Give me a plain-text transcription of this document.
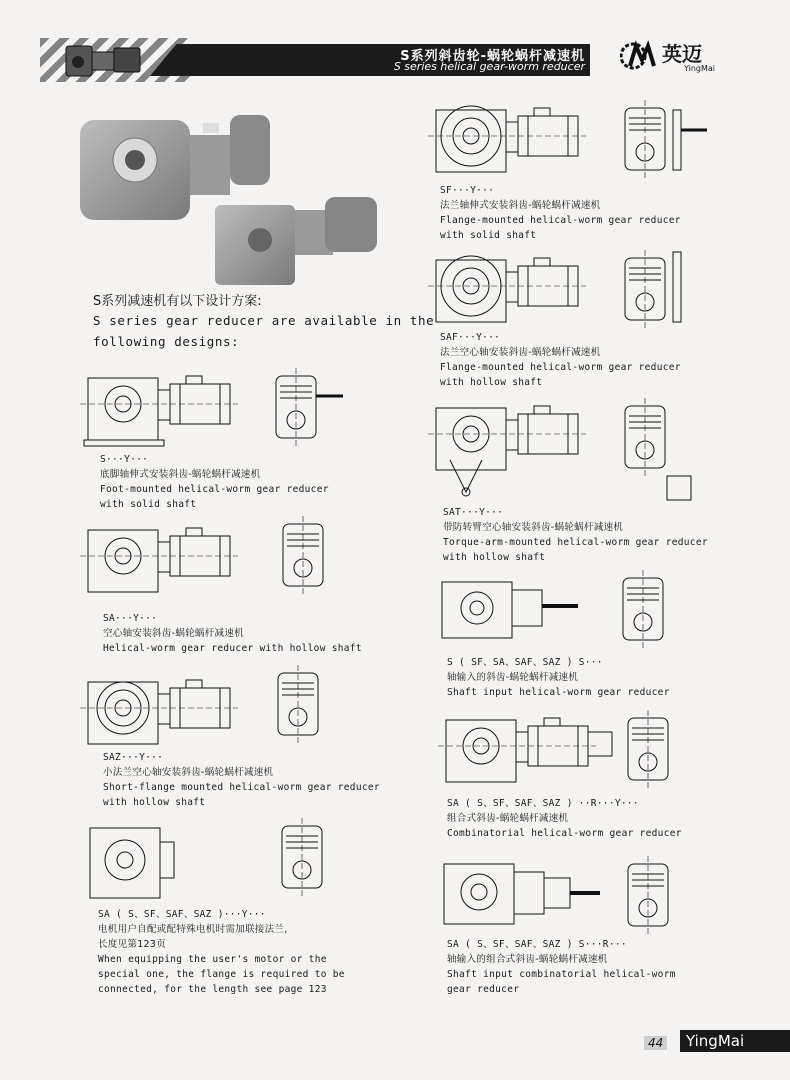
S系列斜齿轮-蜗轮蜗杆减速机
S series helical gear-worm reducer
英迈
YingMai
S系列减速机有以下设计方案:
S series gear reducer are available in the
following designs:
S···Y···
底脚轴伸式安装斜齿-蜗轮蜗杆减速机
Foot-mounted helical-worm gear reducer
with solid shaft
SA···Y···
空心轴安装斜齿-蜗轮蜗杆减速机
Helical-worm gear reducer with hollow shaft
SAZ···Y···
小法兰空心轴安装斜齿-蜗轮蜗杆减速机
Short-flange mounted helical-worm gear reducer
with hollow shaft
SA ( S、SF、SAF、SAZ )···Y···
电机用户自配或配特殊电机时需加联接法兰,
长度见第123页
When equipping the user's motor or the
special one, the flange is required to be
connected, for the length see page 123
SF···Y···
法兰轴伸式安装斜齿-蜗轮蜗杆减速机
Flange-mounted helical-worm gear reducer
with solid shaft
SAF···Y···
法兰空心轴安装斜齿-蜗轮蜗杆减速机
Flange-mounted helical-worm gear reducer
with hollow shaft
SAT···Y···
带防转臂空心轴安装斜齿-蜗轮蜗杆减速机
Torque-arm-mounted helical-worm gear reducer
with hollow shaft
S ( SF、SA、SAF、SAZ ) S···
轴输入的斜齿-蜗轮蜗杆减速机
Shaft input helical-worm gear reducer
SA ( S、SF、SAF、SAZ ) ··R···Y···
组合式斜齿-蜗轮蜗杆减速机
Combinatorial helical-worm gear reducer
SA ( S、SF、SAF、SAZ ) S···R···
轴输入的组合式斜齿-蜗轮蜗杆减速机
Shaft input combinatorial helical-worm
gear reducer
44	YingMai
